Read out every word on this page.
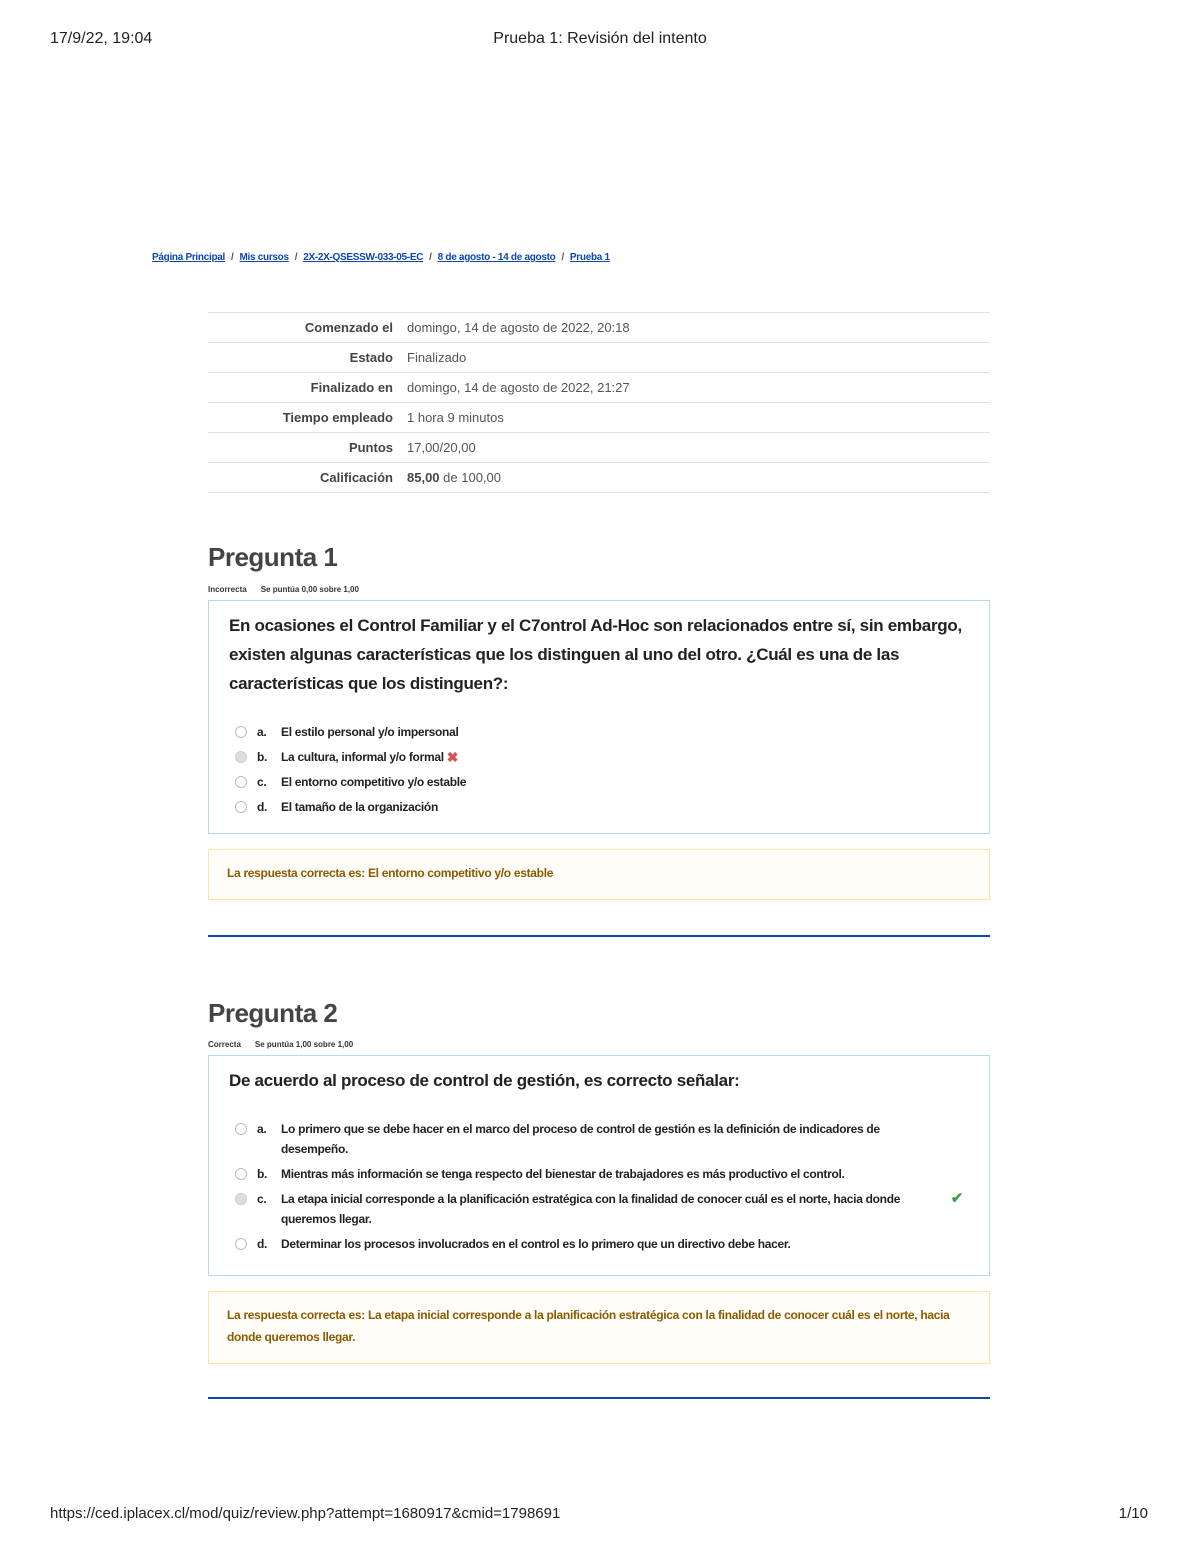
17/9/22, 19:04	Prueba 1: Revisión del intento
Página Principal / Mis cursos / 2X-2X-QSESSW-033-05-EC / 8 de agosto - 14 de agosto / Prueba 1
Comenzado el	domingo, 14 de agosto de 2022, 20:18
Estado	Finalizado
Finalizado en	domingo, 14 de agosto de 2022, 21:27
Tiempo empleado	1 hora 9 minutos
Puntos	17,00/20,00
Calificación	85,00 de 100,00
Pregunta 1
Incorrecta Se puntúa 0,00 sobre 1,00
En ocasiones el Control Familiar y el C7ontrol Ad-Hoc son relacionados entre sí, sin embargo, existen algunas características que los distinguen al uno del otro. ¿Cuál es una de las características que los distinguen?:
a.	El estilo personal y/o impersonal
b.	La cultura, informal y/o formal ✖
c.	El entorno competitivo y/o estable
d.	El tamaño de la organización
La respuesta correcta es: El entorno competitivo y/o estable
Pregunta 2
Correcta Se puntúa 1,00 sobre 1,00
De acuerdo al proceso de control de gestión, es correcto señalar:
a.	Lo primero que se debe hacer en el marco del proceso de control de gestión es la definición de indicadores de desempeño.
b.	Mientras más información se tenga respecto del bienestar de trabajadores es más productivo el control.
c.	La etapa inicial corresponde a la planificación estratégica con la finalidad de conocer cuál es el norte, hacia donde queremos llegar.
✔
d.	Determinar los procesos involucrados en el control es lo primero que un directivo debe hacer.
La respuesta correcta es: La etapa inicial corresponde a la planificación estratégica con la finalidad de conocer cuál es el norte, hacia donde queremos llegar.
https://ced.iplacex.cl/mod/quiz/review.php?attempt=1680917&cmid=1798691	1/10
